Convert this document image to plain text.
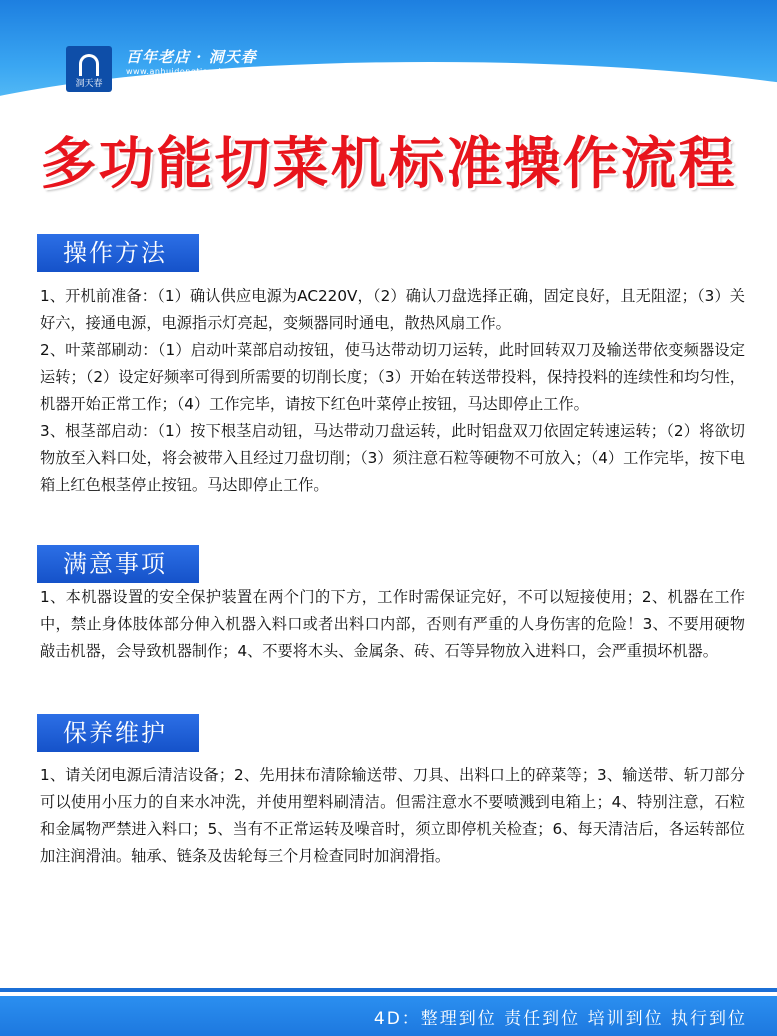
洞天春
百年老店 · 洞天春
www.anhuidongtianchun.com
多功能切菜机标准操作流程
操作方法

1、开机前准备：（1）确认供应电源为AC220V，（2）确认刀盘选择正确，固定良好，且无阻涩；（3）关好六，接通电源，电源指示灯亮起，变频器同时通电，散热风扇工作。

2、叶菜部刷动：（1）启动叶菜部启动按钮，使马达带动切刀运转，此时回转双刀及输送带依变频器设定运转；（2）设定好频率可得到所需要的切削长度；（3）开始在转送带投料，保持投料的连续性和均匀性，机器开始正常工作；（4）工作完毕，请按下红色叶菜停止按钮，马达即停止工作。

3、根茎部启动：（1）按下根茎启动钮，马达带动刀盘运转，此时铝盘双刀依固定转速运转；（2）将欲切物放至入料口处，将会被带入且经过刀盘切削；（3）须注意石粒等硬物不可放入；（4）工作完毕，按下电箱上红色根茎停止按钮。马达即停止工作。

满意事项

1、本机器设置的安全保护装置在两个门的下方，工作时需保证完好，不可以短接使用；2、机器在工作中，禁止身体肢体部分伸入机器入料口或者出料口内部，否则有严重的人身伤害的危险！3、不要用硬物敲击机器，会导致机器制作；4、不要将木头、金属条、砖、石等异物放入进料口，会严重损坏机器。

保养维护

1、请关闭电源后清洁设备；2、先用抹布清除输送带、刀具、出料口上的碎菜等；3、输送带、斩刀部分可以使用小压力的自来水冲洗，并使用塑料刷清洁。但需注意水不要喷溅到电箱上；4、特别注意，石粒和金属物严禁进入料口；5、当有不正常运转及噪音时，须立即停机关检查；6、每天清洁后，各运转部位加注润滑油。轴承、链条及齿轮每三个月检查同时加润滑指。

4D：整理到位 责任到位 培训到位 执行到位
